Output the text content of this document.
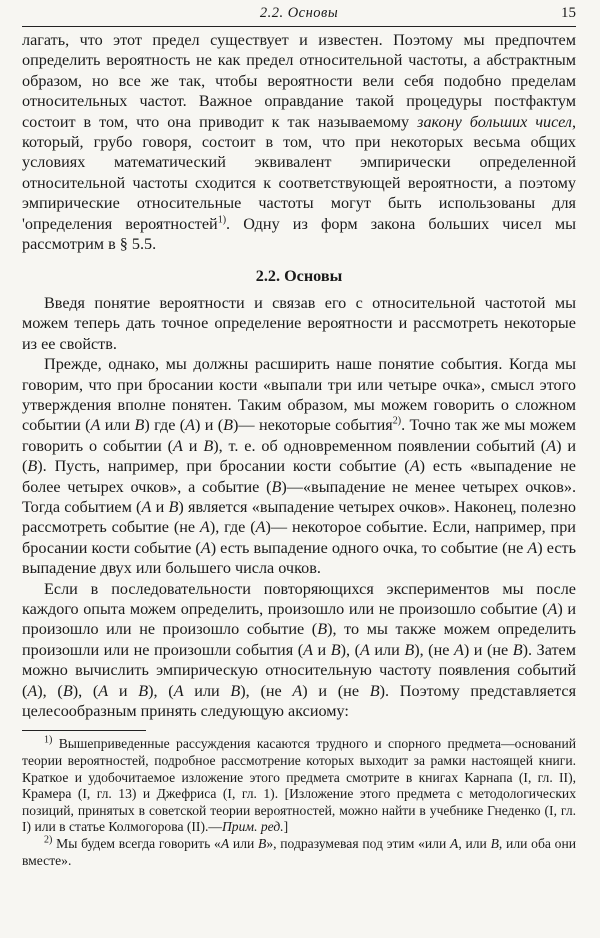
2.2. Основы	15

лагать, что этот предел существует и известен. Поэтому мы предпочтем определить вероятность не как предел относительной частоты, а абстрактным образом, но все же так, чтобы вероятности вели себя подобно пределам относительных частот. Важное оправдание такой процедуры постфактум состоит в том, что она приводит к так называемому закону больших чисел, который, грубо говоря, состоит в том, что при некоторых весьма общих условиях математический эквивалент эмпирически определенной относительной частоты сходится к соответствующей вероятности, а поэтому эмпирические относительные частоты могут быть использованы для 'определения вероятностей$^{1)}$. Одну из форм закона больших чисел мы рассмотрим в § 5.5.

2.2. Основы

Введя понятие вероятности и связав его с относительной частотой мы можем теперь дать точное определение вероятности и рассмотреть некоторые из ее свойств.

Прежде, однако, мы должны расширить наше понятие события. Когда мы говорим, что при бросании кости «выпали три или четыре очка», смысл этого утверждения вполне понятен. Таким образом, мы можем говорить о сложном событии (A или B) где (A) и (B)— некоторые события$^{2)}$. Точно так же мы можем говорить о событии (A и B), т. е. об одновременном появлении событий (A) и (B). Пусть, например, при бросании кости событие (A) есть «выпадение не более четырех очков», а событие (B)—«выпадение не менее четырех очков». Тогда событием (A и B) является «выпадение четырех очков». Наконец, полезно рассмотреть событие (не A), где (A)— некоторое событие. Если, например, при бросании кости событие (A) есть выпадение одного очка, то событие (не A) есть выпадение двух или большего числа очков.

Если в последовательности повторяющихся экспериментов мы после каждого опыта можем определить, произошло или не произошло событие (A) и произошло или не произошло событие (B), то мы также можем определить произошли или не произошли события (A и B), (A или B), (не A) и (не B). Затем можно вычислить эмпирическую относительную частоту появления событий (A), (B), (A и B), (A или B), (не A) и (не B). Поэтому представляется целесообразным принять следующую аксиому:

$^{1)}$ Вышеприведенные рассуждения касаются трудного и спорного предмета—оснований теории вероятностей, подробное рассмотрение которых выходит за рамки настоящей книги. Краткое и удобочитаемое изложение этого предмета смотрите в книгах Карнапа (I, гл. II), Крамера (I, гл. 13) и Джефриса (I, гл. 1). [Изложение этого предмета с методологических позиций, принятых в советской теории вероятностей, можно найти в учебнике Гнеденко (I, гл. I) или в статье Колмогорова (II).—Прим. ред.]

$^{2)}$ Мы будем всегда говорить «A или B», подразумевая под этим «или A, или B, или оба они вместе».
